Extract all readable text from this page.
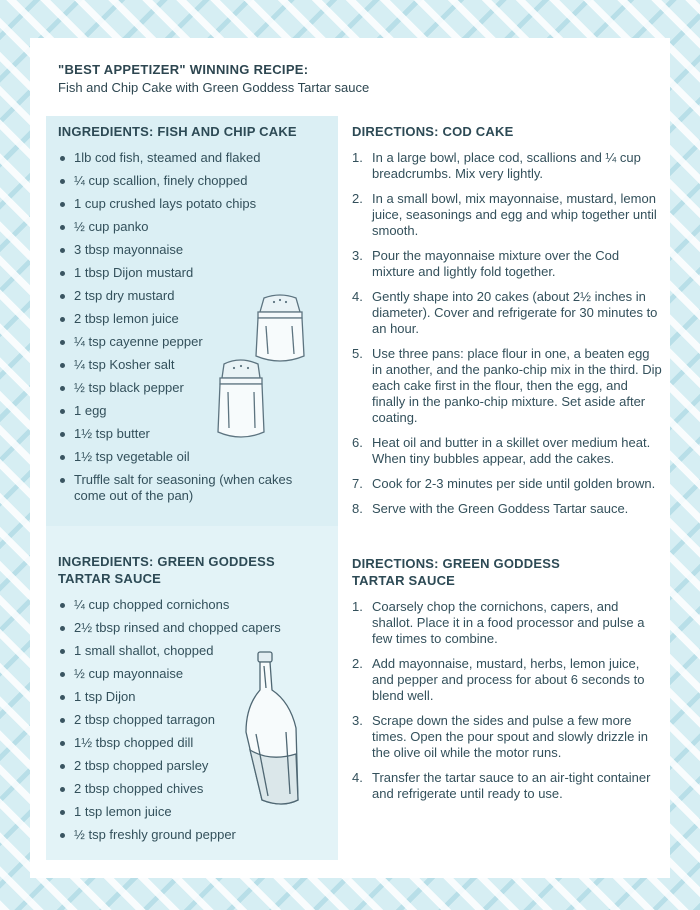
"BEST APPETIZER" WINNING RECIPE:
Fish and Chip Cake with Green Goddess Tartar sauce
INGREDIENTS: FISH AND CHIP CAKE
1lb cod fish, steamed and flaked
¼ cup scallion, finely chopped
1 cup crushed lays potato chips
½ cup panko
3 tbsp mayonnaise
1 tbsp Dijon mustard
2 tsp dry mustard
2 tbsp lemon juice
¼ tsp cayenne pepper
¼ tsp Kosher salt
½ tsp black pepper
1 egg
1½ tsp butter
1½ tsp vegetable oil
Truffle salt for seasoning (when cakes come out of the pan)
INGREDIENTS: GREEN GODDESS TARTAR SAUCE
¼ cup chopped cornichons
2½ tbsp rinsed and chopped capers
1 small shallot, chopped
½ cup mayonnaise
1 tsp Dijon
2 tbsp chopped tarragon
1½ tbsp chopped dill
2 tbsp chopped parsley
2 tbsp chopped chives
1 tsp lemon juice
½ tsp freshly ground pepper
DIRECTIONS: COD CAKE
1. In a large bowl, place cod, scallions and ¼ cup breadcrumbs. Mix very lightly.
2. In a small bowl, mix mayonnaise, mustard, lemon juice, seasonings and egg and whip together until smooth.
3. Pour the mayonnaise mixture over the Cod mixture and lightly fold together.
4. Gently shape into 20 cakes (about 2½ inches in diameter). Cover and refrigerate for 30 minutes to an hour.
5. Use three pans: place flour in one, a beaten egg in another, and the panko-chip mix in the third. Dip each cake first in the flour, then the egg, and finally in the panko-chip mixture. Set aside after coating.
6. Heat oil and butter in a skillet over medium heat. When tiny bubbles appear, add the cakes.
7. Cook for 2-3 minutes per side until golden brown.
8. Serve with the Green Goddess Tartar sauce.
DIRECTIONS: GREEN GODDESS TARTAR SAUCE
1. Coarsely chop the cornichons, capers, and shallot. Place it in a food processor and pulse a few times to combine.
2. Add mayonnaise, mustard, herbs, lemon juice, and pepper and process for about 6 seconds to blend well.
3. Scrape down the sides and pulse a few more times. Open the pour spout and slowly drizzle in the olive oil while the motor runs.
4. Transfer the tartar sauce to an air-tight container and refrigerate until ready to use.
